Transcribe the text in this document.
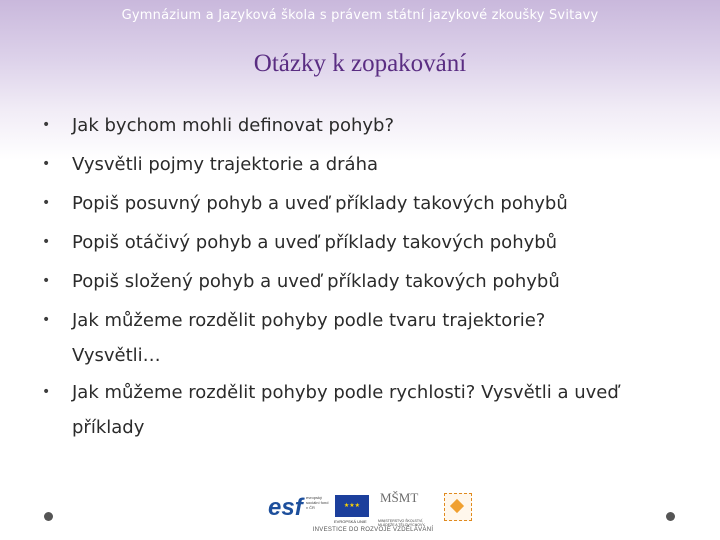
Gymnázium a Jazyková škola s právem státní jazykové zkoušky Svitavy
Otázky k zopakování
• Jak bychom mohli definovat pohyb?
• Vysvětli pojmy trajektorie a dráha
• Popiš posuvný pohyb a uveď příklady takových pohybů
• Popiš otáčivý pohyb a uveď příklady takových pohybů
• Popiš složený pohyb a uveď příklady takových pohybů
• Jak můžeme rozdělit pohyby podle tvaru trajektorie?
Vysvětli…
• Jak můžeme rozdělit pohyby podle rychlosti? Vysvětli a uveď
příklady
esf evropský sociální fond v ČR	★★★
EVROPSKÁ UNIE
MŠMT
MINISTERSTVO ŠKOLSTVÍ, MLÁDEŽE A TĚLOVÝCHOVY
INVESTICE DO ROZVOJE VZDĚLÁVÁNÍ
